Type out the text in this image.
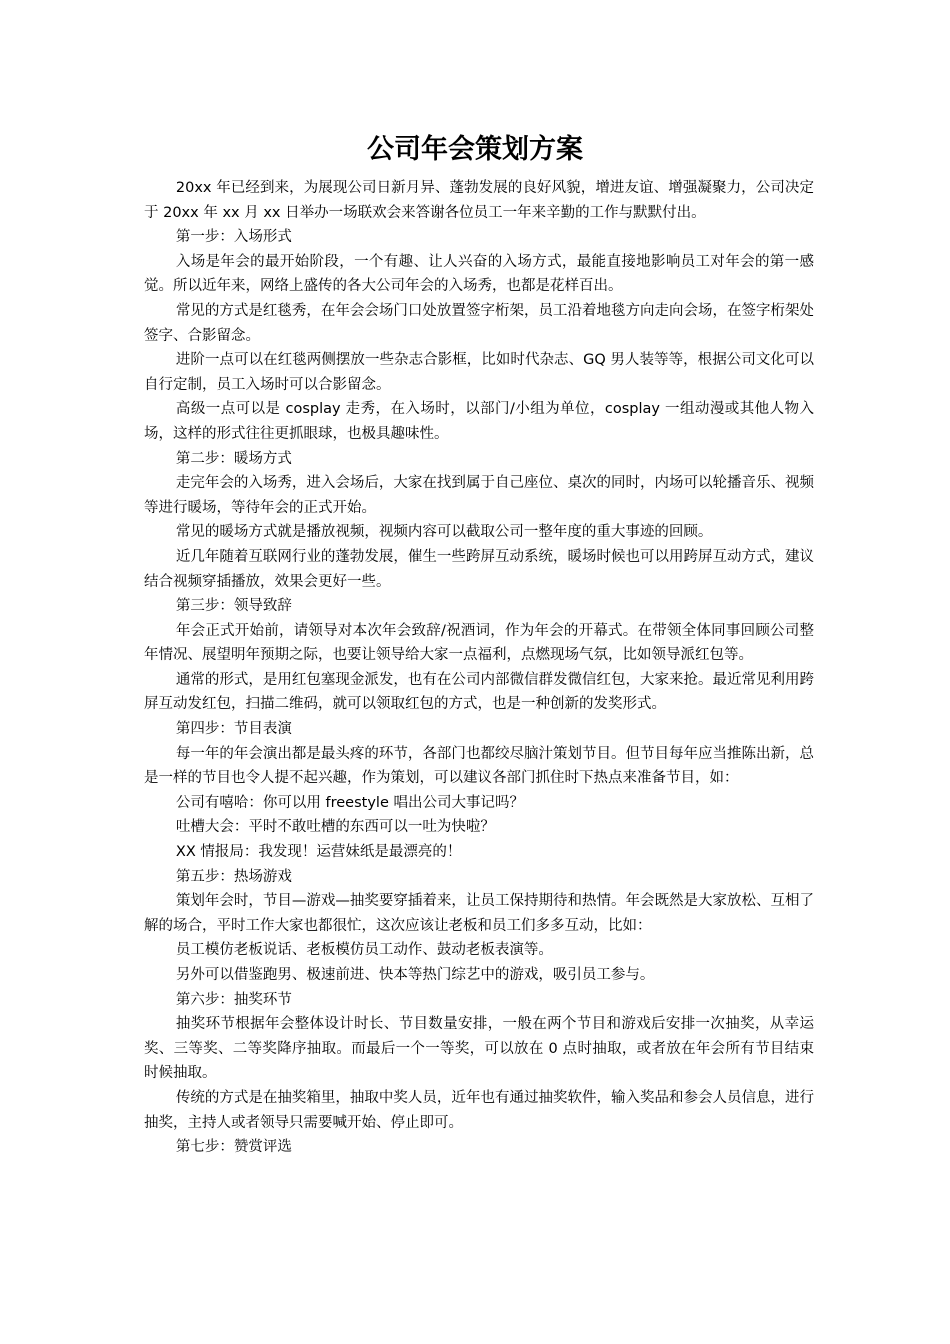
公司年会策划方案

20xx 年已经到来，为展现公司日新月异、蓬勃发展的良好风貌，增进友谊、增强凝聚力，公司决定于 20xx 年 xx 月 xx 日举办一场联欢会来答谢各位员工一年来辛勤的工作与默默付出。

第一步：入场形式

入场是年会的最开始阶段，一个有趣、让人兴奋的入场方式，最能直接地影响员工对年会的第一感觉。所以近年来，网络上盛传的各大公司年会的入场秀，也都是花样百出。

常见的方式是红毯秀，在年会会场门口处放置签字桁架，员工沿着地毯方向走向会场，在签字桁架处签字、合影留念。

进阶一点可以在红毯两侧摆放一些杂志合影框，比如时代杂志、GQ 男人装等等，根据公司文化可以自行定制，员工入场时可以合影留念。

高级一点可以是 cosplay 走秀，在入场时，以部门/小组为单位，cosplay 一组动漫或其他人物入场，这样的形式往往更抓眼球，也极具趣味性。

第二步：暖场方式

走完年会的入场秀，进入会场后，大家在找到属于自己座位、桌次的同时，内场可以轮播音乐、视频等进行暖场，等待年会的正式开始。

常见的暖场方式就是播放视频，视频内容可以截取公司一整年度的重大事迹的回顾。

近几年随着互联网行业的蓬勃发展，催生一些跨屏互动系统，暖场时候也可以用跨屏互动方式，建议结合视频穿插播放，效果会更好一些。

第三步：领导致辞

年会正式开始前，请领导对本次年会致辞/祝酒词，作为年会的开幕式。在带领全体同事回顾公司整年情况、展望明年预期之际，也要让领导给大家一点福利，点燃现场气氛，比如领导派红包等。

通常的形式，是用红包塞现金派发，也有在公司内部微信群发微信红包，大家来抢。最近常见利用跨屏互动发红包，扫描二维码，就可以领取红包的方式，也是一种创新的发奖形式。

第四步：节目表演

每一年的年会演出都是最头疼的环节，各部门也都绞尽脑汁策划节目。但节目每年应当推陈出新，总是一样的节目也令人提不起兴趣，作为策划，可以建议各部门抓住时下热点来准备节目，如：

公司有嘻哈：你可以用 freestyle 唱出公司大事记吗？

吐槽大会：平时不敢吐槽的东西可以一吐为快啦？

XX 情报局：我发现！运营妹纸是最漂亮的！

第五步：热场游戏

策划年会时，节目—游戏—抽奖要穿插着来，让员工保持期待和热情。年会既然是大家放松、互相了解的场合，平时工作大家也都很忙，这次应该让老板和员工们多多互动，比如：

员工模仿老板说话、老板模仿员工动作、鼓动老板表演等。

另外可以借鉴跑男、极速前进、快本等热门综艺中的游戏，吸引员工参与。

第六步：抽奖环节

抽奖环节根据年会整体设计时长、节目数量安排，一般在两个节目和游戏后安排一次抽奖，从幸运奖、三等奖、二等奖降序抽取。而最后一个一等奖，可以放在 0 点时抽取，或者放在年会所有节目结束时候抽取。

传统的方式是在抽奖箱里，抽取中奖人员，近年也有通过抽奖软件，输入奖品和参会人员信息，进行抽奖，主持人或者领导只需要喊开始、停止即可。

第七步：赞赏评选
